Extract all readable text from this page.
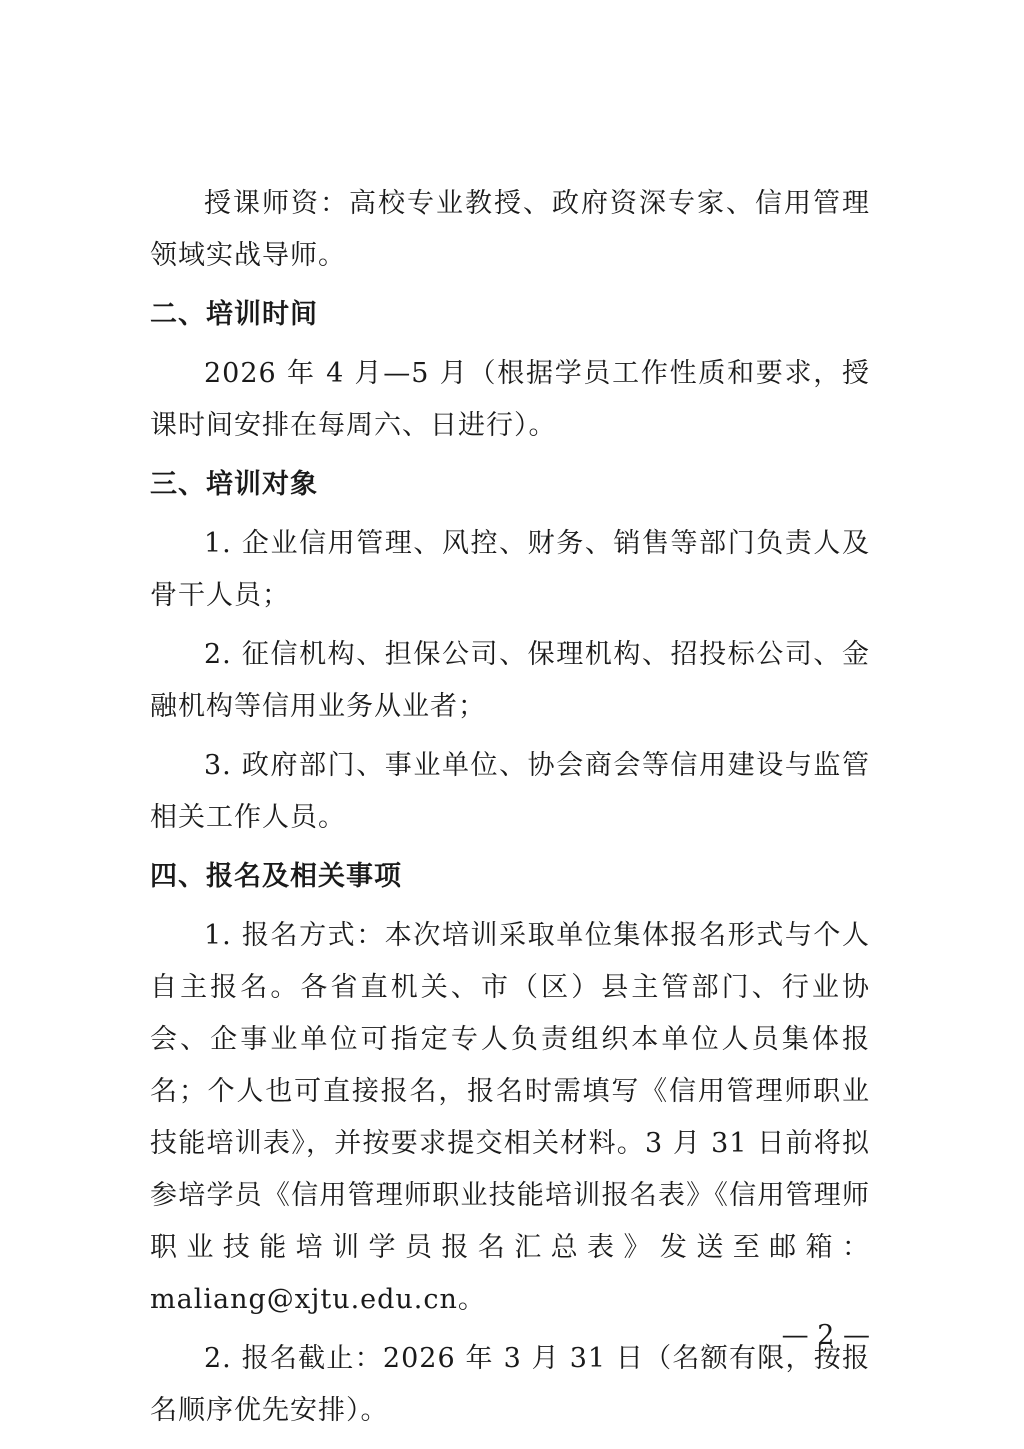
授课师资：高校专业教授、政府资深专家、信用管理领域实战导师。

二、培训时间

2026 年 4 月—5 月（根据学员工作性质和要求，授课时间安排在每周六、日进行）。

三、培训对象

1. 企业信用管理、风控、财务、销售等部门负责人及骨干人员；

2. 征信机构、担保公司、保理机构、招投标公司、金融机构等信用业务从业者；

3. 政府部门、事业单位、协会商会等信用建设与监管相关工作人员。

四、报名及相关事项

1. 报名方式：本次培训采取单位集体报名形式与个人自主报名。各省直机关、市（区）县主管部门、行业协会、企事业单位可指定专人负责组织本单位人员集体报名；个人也可直接报名，报名时需填写《信用管理师职业技能培训表》，并按要求提交相关材料。3 月 31 日前将拟参培学员《信用管理师职业技能培训报名表》《信用管理师职业技能培训学员报名汇总表》发送至邮箱：maliang@xjtu.edu.cn。

2. 报名截止：2026 年 3 月 31 日（名额有限，按报名顺序优先安排）。

— 2 —
